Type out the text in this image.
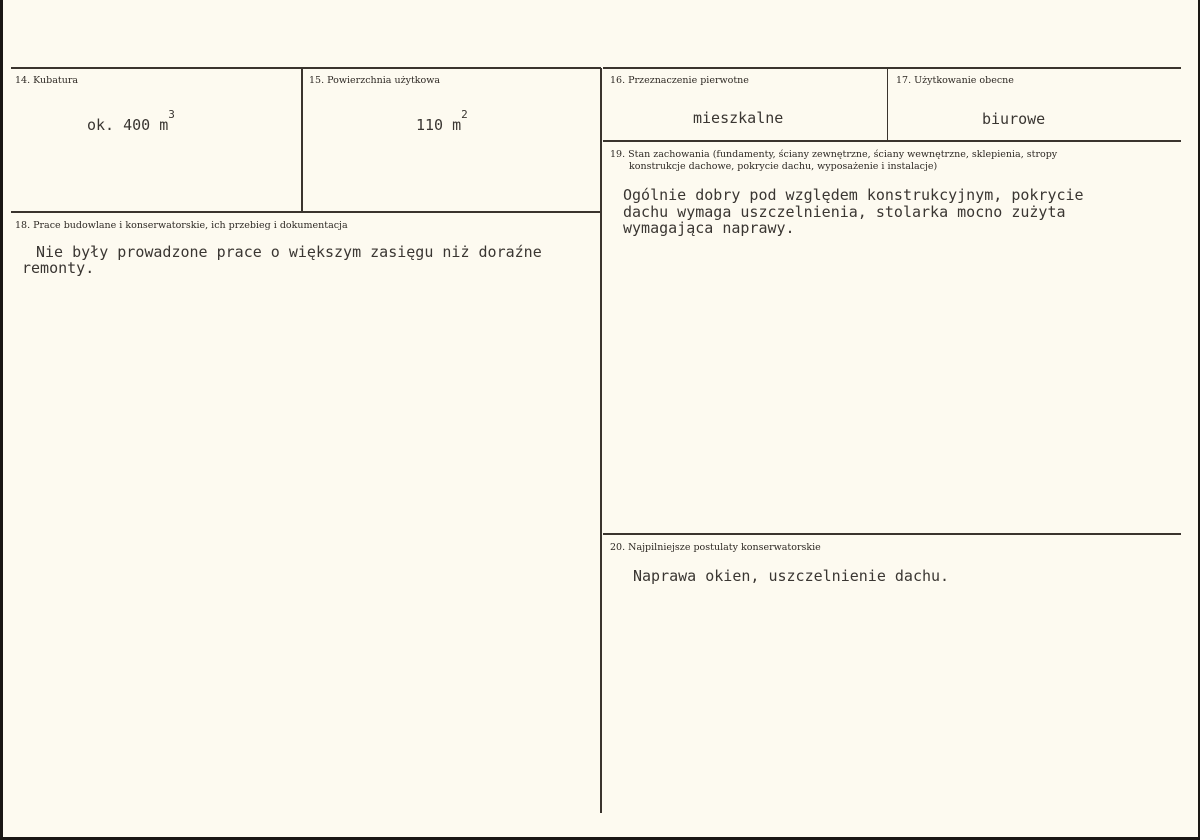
14. Kubatura
ok. 400 $m^3$
15. Powierzchnia użytkowa
110 $m^2$
16. Przeznaczenie pierwotne
mieszkalne
17. Użytkowanie obecne
biurowe
18. Prace budowlane i konserwatorskie, ich przebieg i dokumentacja
Nie były prowadzone prace o większym zasięgu niż doraźne
remonty.
19. Stan zachowania (fundamenty, ściany zewnętrzne, ściany wewnętrzne, sklepienia, stropy
konstrukcje dachowe, pokrycie dachu, wyposażenie i instalacje)
Ogólnie dobry pod względem konstrukcyjnym, pokrycie
dachu wymaga uszczelnienia, stolarka mocno zużyta
wymagająca naprawy.
20. Najpilniejsze postulaty konserwatorskie
Naprawa okien, uszczelnienie dachu.
